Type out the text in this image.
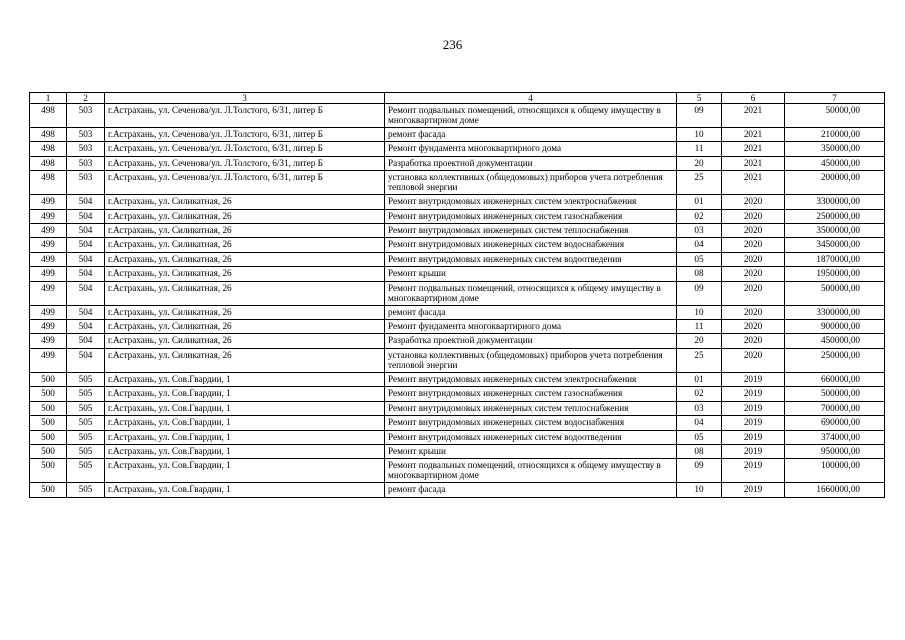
236
1	2	3	4	5	6	7
498	503	г.Астрахань, ул. Сеченова/ул. Л.Толстого, 6/31, литер Б	Ремонт подвальных помещений, относящихся к общему имуществу в многоквартирном доме	09	2021	50000,00
498	503	г.Астрахань, ул. Сеченова/ул. Л.Толстого, 6/31, литер Б	ремонт фасада	10	2021	210000,00
498	503	г.Астрахань, ул. Сеченова/ул. Л.Толстого, 6/31, литер Б	Ремонт фундамента многоквартирного дома	11	2021	350000,00
498	503	г.Астрахань, ул. Сеченова/ул. Л.Толстого, 6/31, литер Б	Разработка проектной документации	20	2021	450000,00
498	503	г.Астрахань, ул. Сеченова/ул. Л.Толстого, 6/31, литер Б	установка коллективных (общедомовых) приборов учета потребления тепловой энергии	25	2021	200000,00
499	504	г.Астрахань, ул. Силикатная, 26	Ремонт внутридомовых инженерных систем электроснабжения	01	2020	3300000,00
499	504	г.Астрахань, ул. Силикатная, 26	Ремонт внутридомовых инженерных систем газоснабжения	02	2020	2500000,00
499	504	г.Астрахань, ул. Силикатная, 26	Ремонт внутридомовых инженерных систем теплоснабжения	03	2020	3500000,00
499	504	г.Астрахань, ул. Силикатная, 26	Ремонт внутридомовых инженерных систем водоснабжения	04	2020	3450000,00
499	504	г.Астрахань, ул. Силикатная, 26	Ремонт внутридомовых инженерных систем водоотведения	05	2020	1870000,00
499	504	г.Астрахань, ул. Силикатная, 26	Ремонт крыши	08	2020	1950000,00
499	504	г.Астрахань, ул. Силикатная, 26	Ремонт подвальных помещений, относящихся к общему имуществу в многоквартирном доме	09	2020	500000,00
499	504	г.Астрахань, ул. Силикатная, 26	ремонт фасада	10	2020	3300000,00
499	504	г.Астрахань, ул. Силикатная, 26	Ремонт фундамента многоквартирного дома	11	2020	900000,00
499	504	г.Астрахань, ул. Силикатная, 26	Разработка проектной документации	20	2020	450000,00
499	504	г.Астрахань, ул. Силикатная, 26	установка коллективных (общедомовых) приборов учета потребления тепловой энергии	25	2020	250000,00
500	505	г.Астрахань, ул. Сов.Гвардии, 1	Ремонт внутридомовых инженерных систем электроснабжения	01	2019	660000,00
500	505	г.Астрахань, ул. Сов.Гвардии, 1	Ремонт внутридомовых инженерных систем газоснабжения	02	2019	500000,00
500	505	г.Астрахань, ул. Сов.Гвардии, 1	Ремонт внутридомовых инженерных систем теплоснабжения	03	2019	700000,00
500	505	г.Астрахань, ул. Сов.Гвардии, 1	Ремонт внутридомовых инженерных систем водоснабжения	04	2019	690000,00
500	505	г.Астрахань, ул. Сов.Гвардии, 1	Ремонт внутридомовых инженерных систем водоотведения	05	2019	374000,00
500	505	г.Астрахань, ул. Сов.Гвардии, 1	Ремонт крыши	08	2019	950000,00
500	505	г.Астрахань, ул. Сов.Гвардии, 1	Ремонт подвальных помещений, относящихся к общему имуществу в многоквартирном доме	09	2019	100000,00
500	505	г.Астрахань, ул. Сов.Гвардии, 1	ремонт фасада	10	2019	1660000,00
